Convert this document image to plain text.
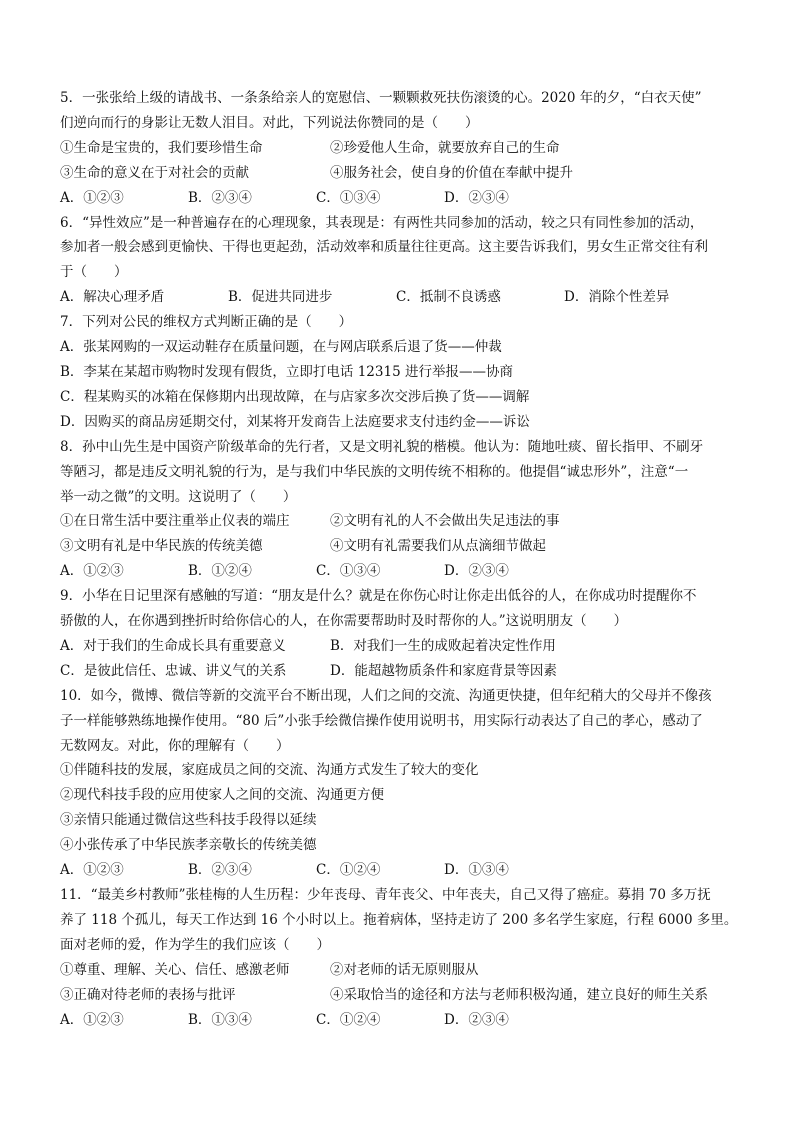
5．一张张给上级的请战书、一条条给亲人的宽慰信、一颗颗救死扶伤滚烫的心。2020 年的夕，“白衣天使”
们逆向而行的身影让无数人泪目。对此，下列说法你赞同的是（　　）
①生命是宝贵的，我们要珍惜生命	②珍爱他人生命，就要放弃自己的生命
③生命的意义在于对社会的贡献	④服务社会，使自身的价值在奉献中提升
A．①②③	B．②③④	C．①③④	D．②③④
6．“异性效应”是一种普遍存在的心理现象，其表现是：有两性共同参加的活动，较之只有同性参加的活动，
参加者一般会感到更愉快、干得也更起劲，活动效率和质量往往更高。这主要告诉我们，男女生正常交往有利
于（　　）
A．解决心理矛盾	B．促进共同进步	C．抵制不良诱惑	D．消除个性差异
7．下列对公民的维权方式判断正确的是（　　）
A．张某网购的一双运动鞋存在质量问题，在与网店联系后退了货——仲裁
B．李某在某超市购物时发现有假货，立即打电话 12315 进行举报——协商
C．程某购买的冰箱在保修期内出现故障，在与店家多次交涉后换了货——调解
D．因购买的商品房延期交付，刘某将开发商告上法庭要求支付违约金——诉讼
8．孙中山先生是中国资产阶级革命的先行者，又是文明礼貌的楷模。他认为：随地吐痰、留长指甲、不刷牙
等陋习，都是违反文明礼貌的行为，是与我们中华民族的文明传统不相称的。他提倡“诚忠形外”，注意“一
举一动之微”的文明。这说明了（　　）
①在日常生活中要注重举止仪表的端庄	②文明有礼的人不会做出失足违法的事
③文明有礼是中华民族的传统美德	④文明有礼需要我们从点滴细节做起
A．①②③	B．①②④	C．①③④	D．②③④
9．小华在日记里深有感触的写道：“朋友是什么？就是在你伤心时让你走出低谷的人，在你成功时提醒你不
骄傲的人，在你遇到挫折时给你信心的人，在你需要帮助时及时帮你的人。”这说明朋友（　　）
A．对于我们的生命成长具有重要意义	B．对我们一生的成败起着决定性作用
C．是彼此信任、忠诚、讲义气的关系	D．能超越物质条件和家庭背景等因素
10．如今，微博、微信等新的交流平台不断出现，人们之间的交流、沟通更快捷，但年纪稍大的父母并不像孩
子一样能够熟练地操作使用。“80 后”小张手绘微信操作使用说明书，用实际行动表达了自己的孝心，感动了
无数网友。对此，你的理解有（　　）
①伴随科技的发展，家庭成员之间的交流、沟通方式发生了较大的变化
②现代科技手段的应用使家人之间的交流、沟通更方便
③亲情只能通过微信这些科技手段得以延续
④小张传承了中华民族孝亲敬长的传统美德
A．①②③	B．②③④	C．①②④	D．①③④
11．“最美乡村教师”张桂梅的人生历程：少年丧母、青年丧父、中年丧夫，自己又得了癌症。募捐 70 多万抚
养了 118 个孤儿，每天工作达到 16 个小时以上。拖着病体，坚持走访了 200 多名学生家庭，行程 6000 多里。
面对老师的爱，作为学生的我们应该（　　）
①尊重、理解、关心、信任、感激老师	②对老师的话无原则服从
③正确对待老师的表扬与批评	④采取恰当的途径和方法与老师积极沟通，建立良好的师生关系
A．①②③	B．①③④	C．①②④	D．②③④
